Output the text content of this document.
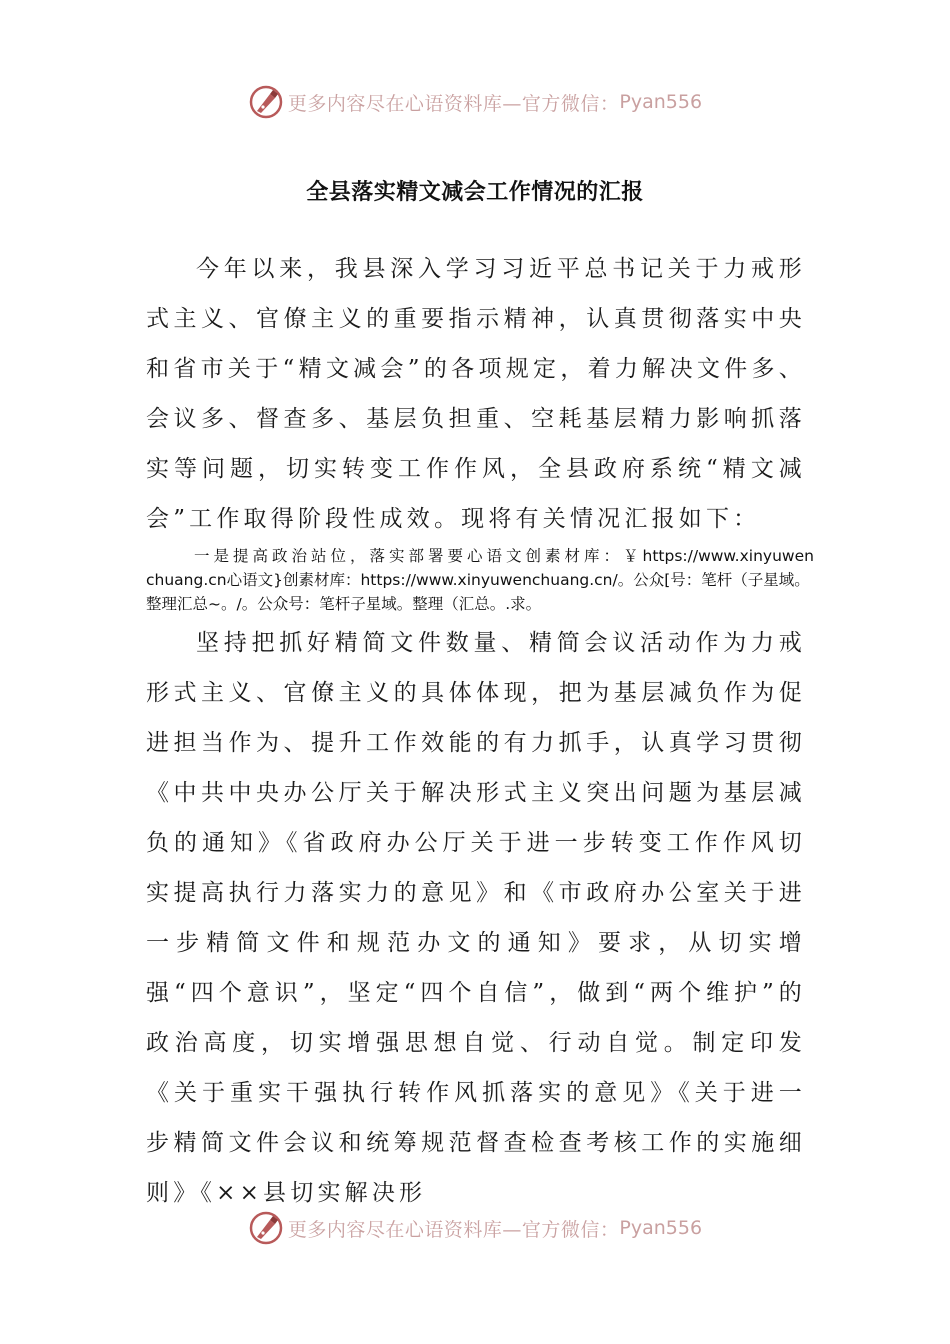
更多内容尽在心语资料库—官方微信： Pyan556
全县落实精文减会工作情况的汇报

今年以来，我县深入学习习近平总书记关于力戒形式主义、官僚主义的重要指示精神，认真贯彻落实中央和省市关于“精文减会”的各项规定，着力解决文件多、会议多、督查多、基层负担重、空耗基层精力影响抓落实等问题，切实转变工作作风，全县政府系统“精文减会”工作取得阶段性成效。现将有关情况汇报如下：

一是提高政治站位，落实部署要心语文创素材库：￥https://www.xinyuwenchuang.cn心语文}创素材库：https://www.xinyuwenchuang.cn/。公众[号：笔杆（子星域。整理汇总~。/。公众号：笔杆子星域。整理（汇总。.求。

坚持把抓好精简文件数量、精简会议活动作为力戒形式主义、官僚主义的具体体现，把为基层减负作为促进担当作为、提升工作效能的有力抓手，认真学习贯彻《中共中央办公厅关于解决形式主义突出问题为基层减负的通知》《省政府办公厅关于进一步转变工作作风切实提高执行力落实力的意见》和《市政府办公室关于进一步精简文件和规范办文的通知》要求，从切实增强“四个意识”，坚定“四个自信”，做到“两个维护”的政治高度，切实增强思想自觉、行动自觉。制定印发《关于重实干强执行转作风抓落实的意见》《关于进一步精简文件会议和统筹规范督查检查考核工作的实施细则》《××县切实解决形

更多内容尽在心语资料库—官方微信： Pyan556
